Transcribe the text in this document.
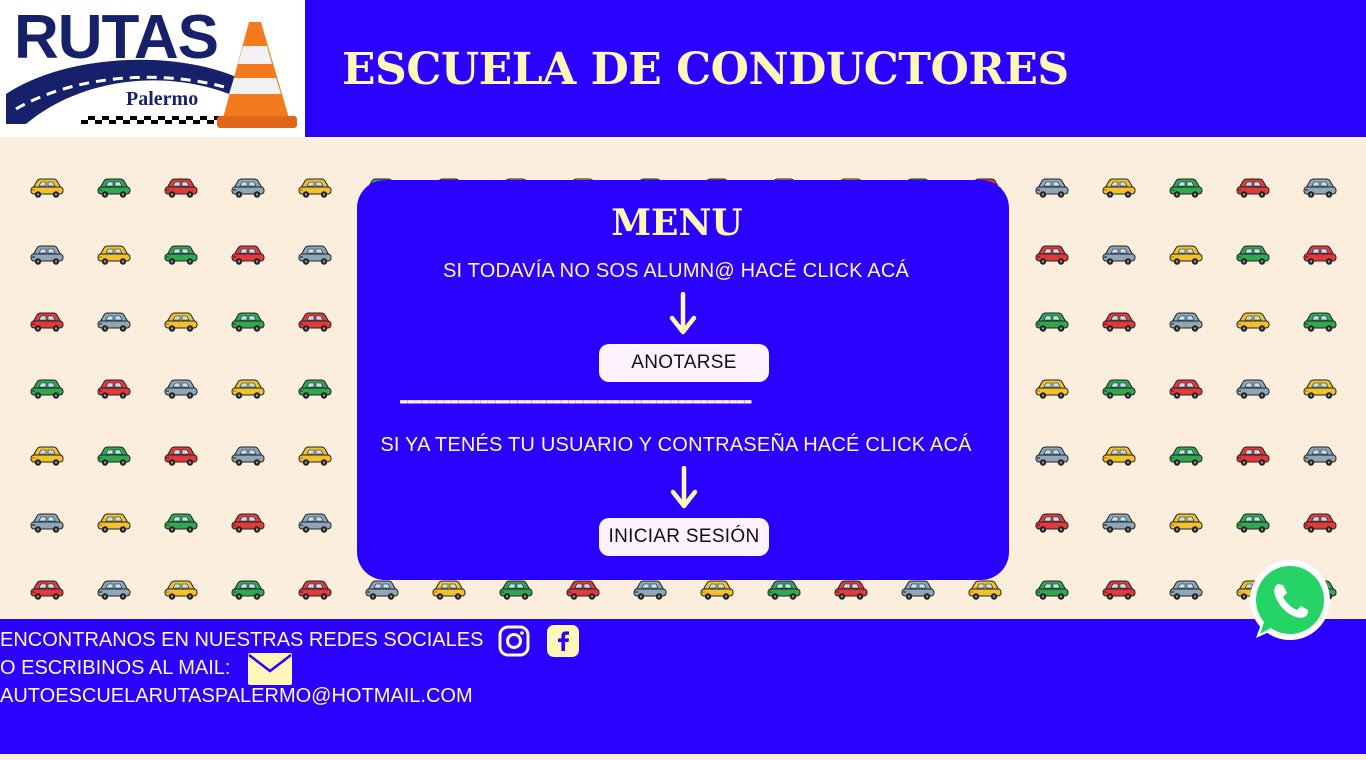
RUTAS
Palermo
ESCUELA DE CONDUCTORES
MENU
SI TODAVÍA NO SOS ALUMN@ HACÉ CLICK ACÁ
ANOTARSE
------------------------------------------------
SI YA TENÉS TU USUARIO Y CONTRASEÑA HACÉ CLICK ACÁ
INICIAR SESIÓN
ENCONTRANOS EN NUESTRAS REDES SOCIALES
O ESCRIBINOS AL MAIL:
AUTOESCUELARUTASPALERMO@HOTMAIL.COM
